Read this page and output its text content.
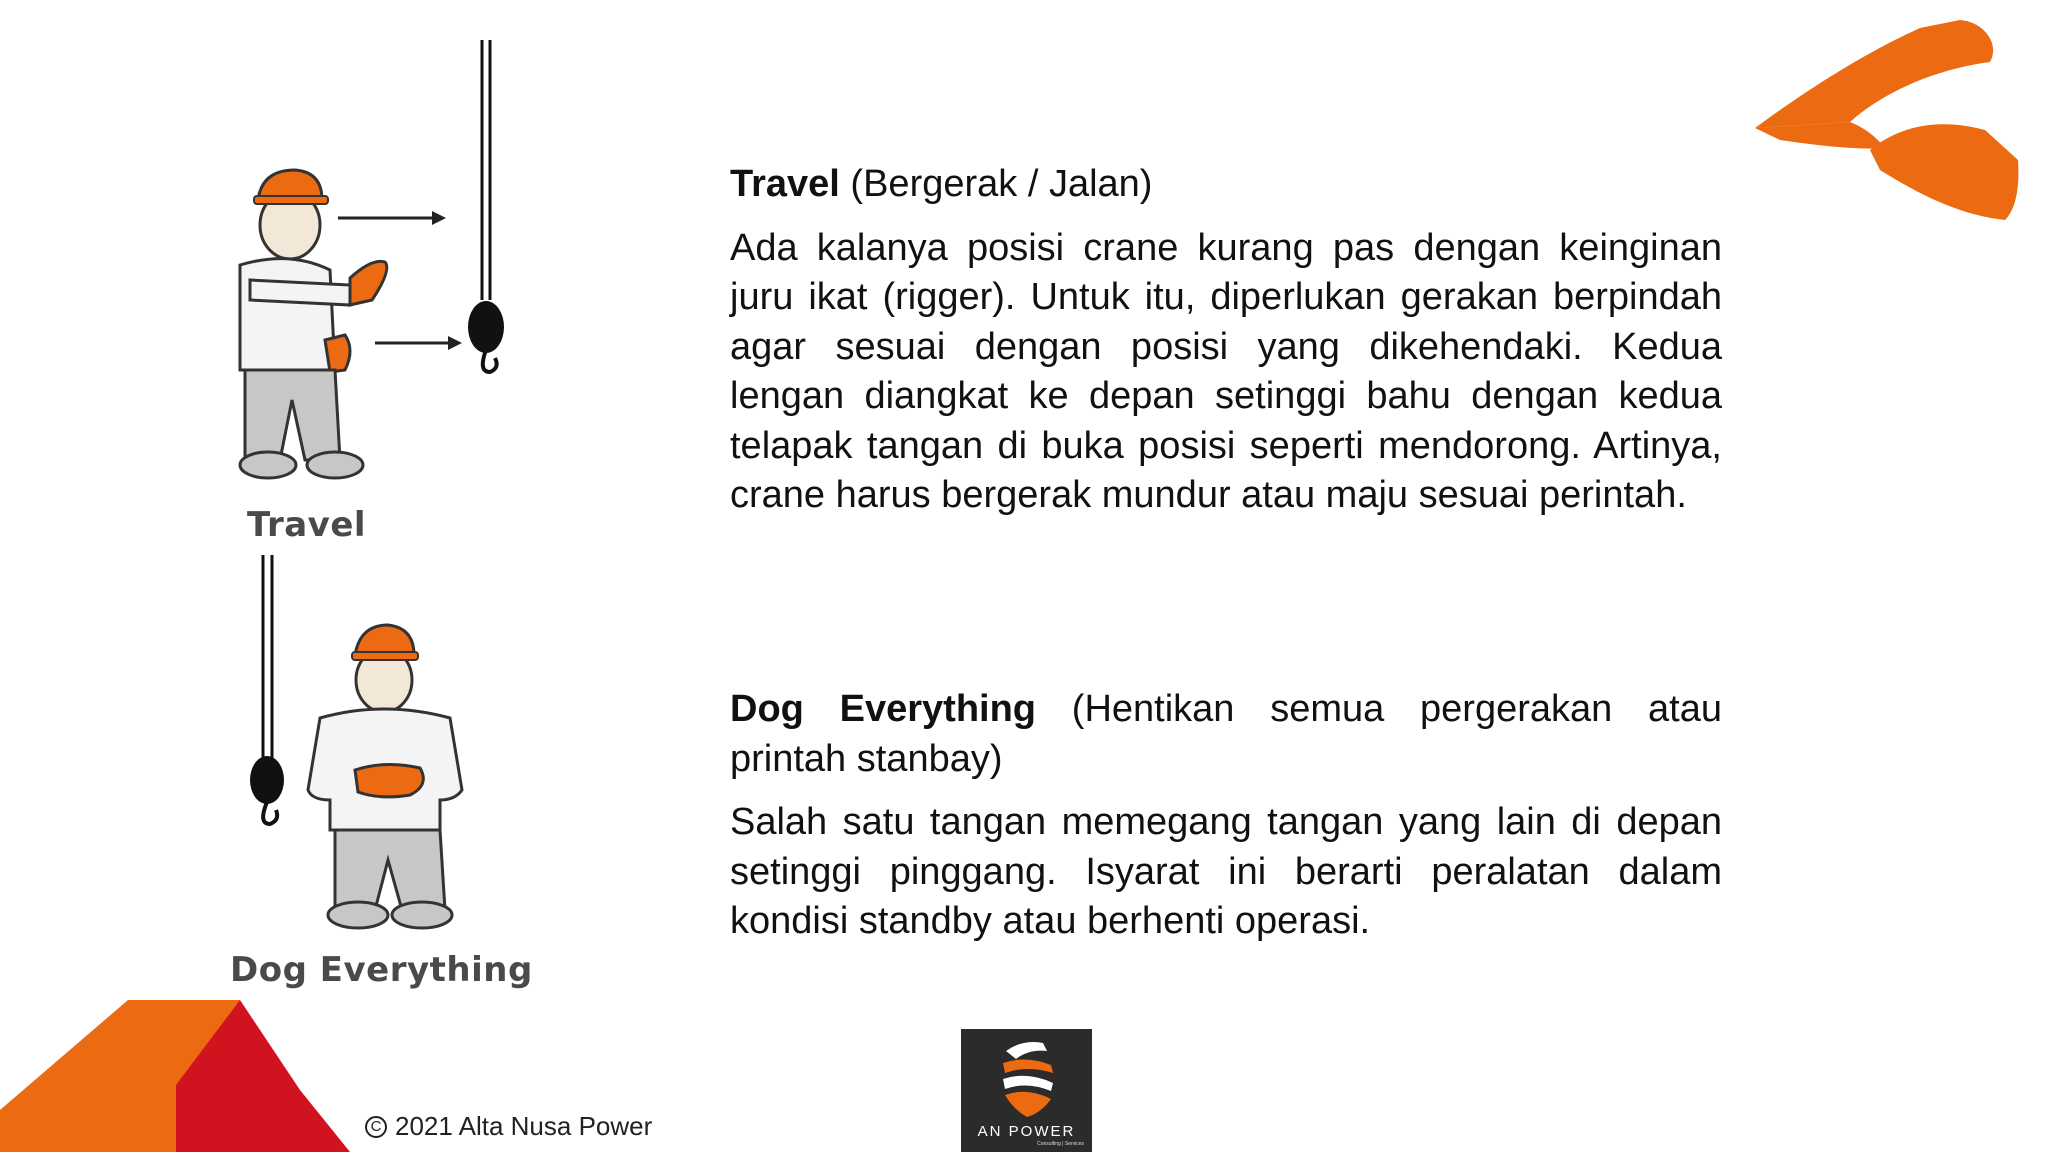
Travel
Dog Everything

Travel (Bergerak / Jalan)

Ada kalanya posisi crane kurang pas dengan keinginan juru ikat (rigger). Untuk itu, diperlukan gerakan berpindah agar sesuai dengan posisi yang dikehendaki. Kedua lengan diangkat ke depan setinggi bahu dengan kedua telapak tangan di buka posisi seperti mendorong. Artinya, crane harus bergerak mundur atau maju sesuai perintah.

Dog Everything (Hentikan semua pergerakan atau printah stanbay)

Salah satu tangan memegang tangan yang lain di depan setinggi pinggang. Isyarat ini berarti peralatan dalam kondisi standby atau berhenti operasi.

C 2021 Alta Nusa Power	AN POWER
Consulting | Services
